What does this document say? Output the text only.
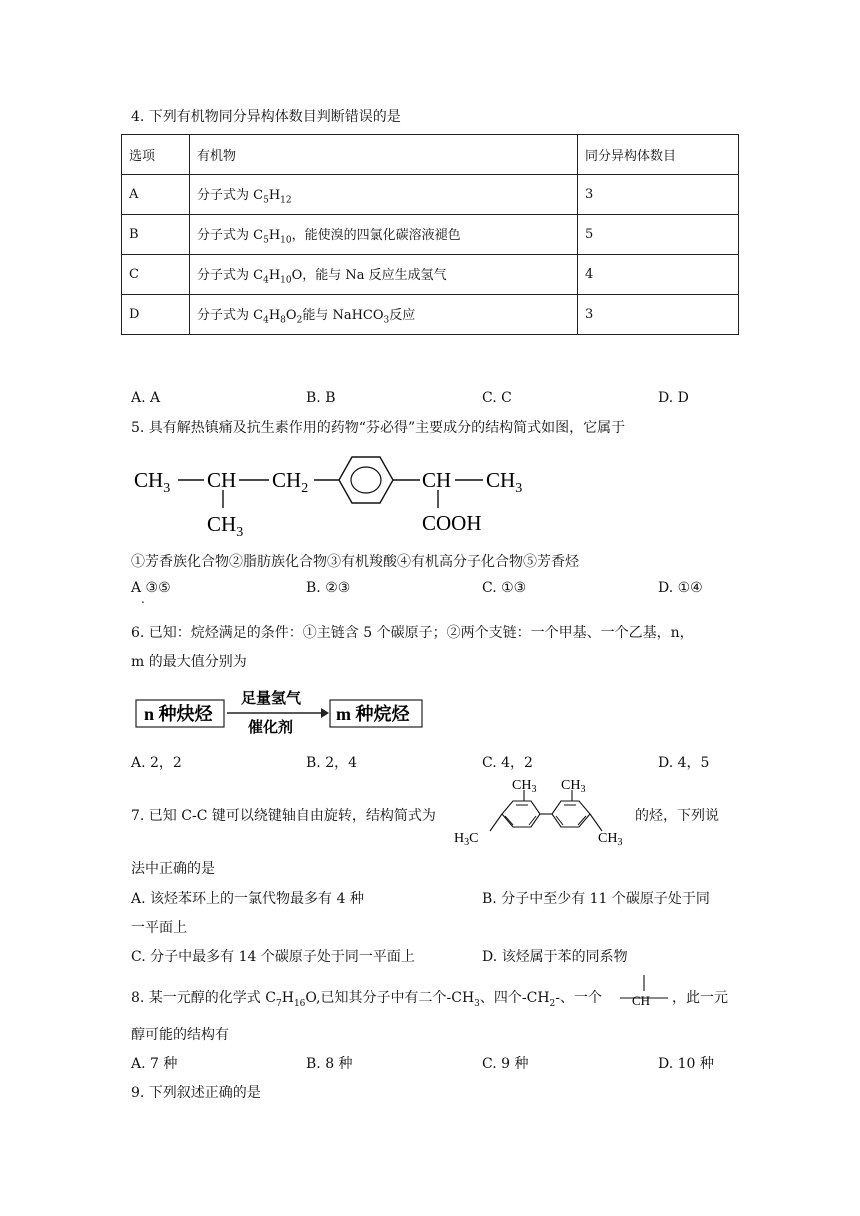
4. 下列有机物同分异构体数目判断错误的是
选项	有机物	同分异构体数目
A	分子式为 $C_5H_{12}$	3
B	分子式为 $C_5H_{10}$，能使溴的四氯化碳溶液褪色	5
C	分子式为 $C_4H_{10}O$，能与 Na 反应生成氢气	4
D	分子式为 $C_4H_8O_2$能与 NaHCO$_3$反应	3
A. A	B. B	C. C	D. D
5. 具有解热镇痛及抗生素作用的药物“芬必得”主要成分的结构简式如图，它属于
$CH_3$ CH $CH_2$
$CH_3$
CH $CH_3$
COOH
①芳香族化合物②脂肪族化合物③有机羧酸④有机高分子化合物⑤芳香烃
A ③⑤
.
B. ②③	C. ①③	D. ①④
6. 已知：烷烃满足的条件：①主链含 5 个碳原子；②两个支链：一个甲基、一个乙基，n，
m 的最大值分别为
n 种炔烃
足量氢气
催化剂
m 种烷烃
A. 2，2	B. 2，4	C. 4，2	D. 4，5
7. 已知 C-C 键可以绕键轴自由旋转，结构简式为
$CH_3$ $CH_3$
$H_3C$	$CH_3$
的烃，下列说
法中正确的是
A. 该烃苯环上的一氯代物最多有 4 种	B. 分子中至少有 11 个碳原子处于同
一平面上
C. 分子中最多有 14 个碳原子处于同一平面上	D. 该烃属于苯的同系物
8. 某一元醇的化学式 $C_7H_{16}O$,已知其分子中有二个$-CH_3$、四个$-CH_2-$、一个 CH ，此一元
醇可能的结构有
A. 7 种	B. 8 种	C. 9 种	D. 10 种
9. 下列叙述正确的是
